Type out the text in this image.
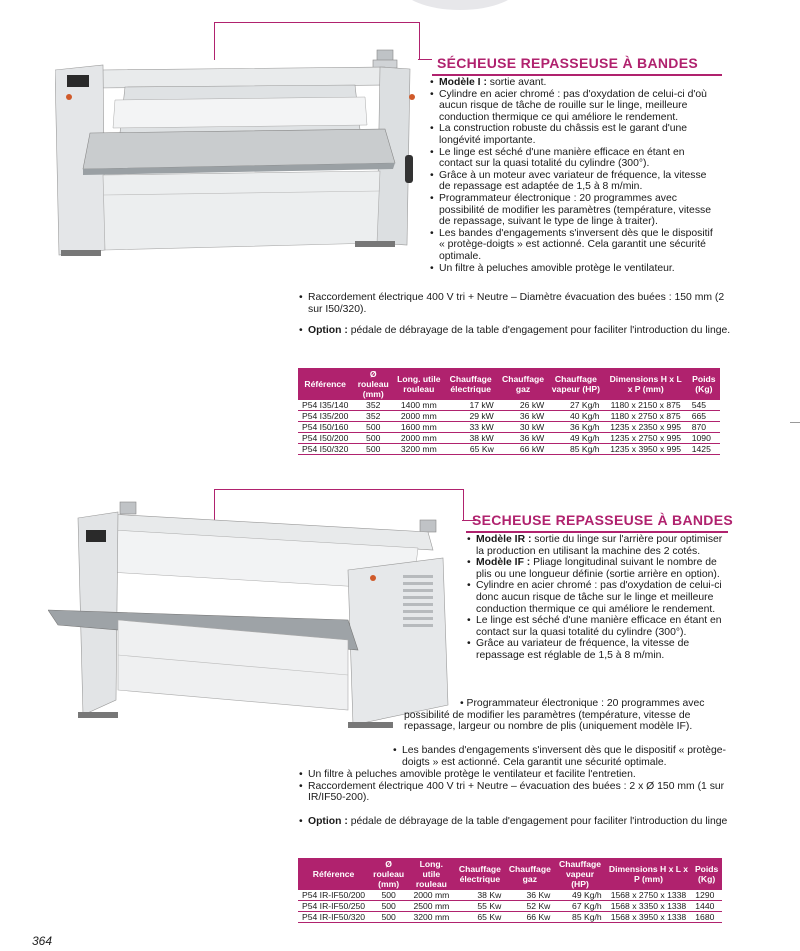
SÉCHEUSE REPASSEUSE À BANDES
• Modèle I : sortie avant.
• Cylindre en acier chromé : pas d'oxydation de celui-ci d'où aucun risque de tâche de rouille sur le linge, meilleure conduction thermique ce qui améliore le rendement.
• La construction robuste du châssis est le garant d'une longévité importante.
• Le linge est séché d'une manière efficace en étant en contact sur la quasi totalité du cylindre (300°).
• Grâce à un moteur avec variateur de fréquence, la vitesse de repassage est adaptée de 1,5 à 8 m/min.
• Programmateur électronique : 20 programmes avec possibilité de modifier les paramètres (température, vitesse de repassage, suivant le type de linge à traiter).
• Les bandes d'engagements s'inversent dès que le dispositif « protège-doigts » est actionné. Cela garantit une sécurité optimale.
• Un filtre à peluches amovible protège le ventilateur.
• Raccordement électrique 400 V tri + Neutre – Diamètre évacuation des buées : 150 mm (2 sur I50/320).
• Option : pédale de débrayage de la table d'engagement pour faciliter l'introduction du linge.
Référence	Ø rouleau (mm)	Long. utile rouleau	Chauffage électrique	Chauffage gaz	Chauffage vapeur (HP)	Dimensions H x L x P (mm)	Poids (Kg)
P54 I35/140	352	1400 mm	17 kW	26 kW	27 Kg/h	1180 x 2150 x 875	545
P54 I35/200	352	2000 mm	29 kW	36 kW	40 Kg/h	1180 x 2750 x 875	665
P54 I50/160	500	1600 mm	33 kW	30 kW	36 Kg/h	1235 x 2350 x 995	870
P54 I50/200	500	2000 mm	38 kW	36 kW	49 Kg/h	1235 x 2750 x 995	1090
P54 I50/320	500	3200 mm	65 Kw	66 kW	85 Kg/h	1235 x 3950 x 995	1425
SECHEUSE REPASSEUSE À BANDES
• Modèle IR : sortie du linge sur l'arrière pour optimiser la production en utilisant la machine des 2 cotés.
• Modèle IF : Pliage longitudinal suivant le nombre de plis ou une longueur définie (sortie arrière en option).
• Cylindre en acier chromé : pas d'oxydation de celui-ci donc aucun risque de tâche sur le linge et meilleure conduction thermique ce qui améliore le rendement.
• Le linge est séché d'une manière efficace en étant en contact sur la quasi totalité du cylindre (300°).
• Grâce au variateur de fréquence, la vitesse de repassage est réglable de 1,5 à 8 m/min.
• Programmateur électronique : 20 programmes avec possibilité de modifier les paramètres (température, vitesse de repassage, largeur ou nombre de plis (uniquement modèle IF).
• Les bandes d'engagements s'inversent dès que le dispositif « protège-doigts » est actionné. Cela garantit une sécurité optimale.
• Un filtre à peluches amovible protège le ventilateur et facilite l'entretien.
• Raccordement électrique 400 V tri + Neutre – évacuation des buées : 2 x Ø 150 mm (1 sur IR/IF50-200).
• Option : pédale de débrayage de la table d'engagement pour faciliter l'introduction du linge
Référence	Ø rouleau (mm)	Long. utile rouleau	Chauffage électrique	Chauffage gaz	Chauffage vapeur (HP)	Dimensions H x L x P (mm)	Poids (Kg)
P54 IR-IF50/200	500	2000 mm	38 Kw	36 Kw	49 Kg/h	1568 x 2750 x 1338	1290
P54 IR-IF50/250	500	2500 mm	55 Kw	52 Kw	67 Kg/h	1568 x 3350 x 1338	1440
P54 IR-IF50/320	500	3200 mm	65 Kw	66 Kw	85 Kg/h	1568 x 3950 x 1338	1680
364
